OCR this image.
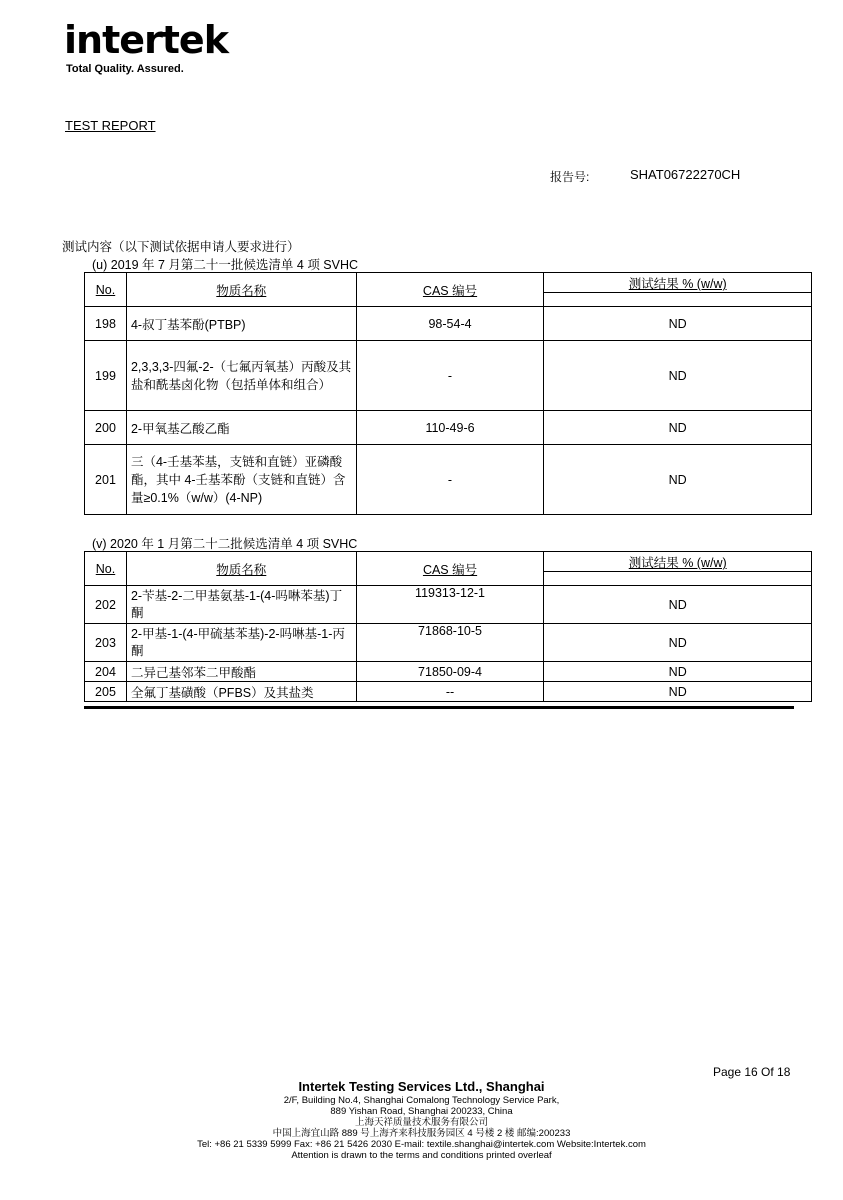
intertek
Total Quality. Assured.
TEST REPORT
报告号:	SHAT06722270CH
测试内容（以下测试依据申请人要求进行）
(u) 2019 年 7 月第二十一批候选清单 4 项 SVHC
No.	物质名称	CAS 编号	测试结果 % (w/w)

198	4-叔丁基苯酚(PTBP)	98-54-4	ND
199	2,3,3,3-四氟-2-（七氟丙氧基）丙酸及其盐和酰基卤化物（包括单体和组合）	-	ND
200	2-甲氧基乙酸乙酯	110-49-6	ND
201	三（4-壬基苯基，支链和直链）亚磷酸酯，其中 4-壬基苯酚（支链和直链）含量≥0.1%（w/w）(4-NP)	-	ND
(v) 2020 年 1 月第二十二批候选清单 4 项 SVHC
No.	物质名称	CAS 编号	测试结果 % (w/w)

202	2-苄基-2-二甲基氨基-1-(4-吗啉苯基)丁酮	119313-12-1	ND
203	2-甲基-1-(4-甲硫基苯基)-2-吗啉基-1-丙酮	71868-10-5	ND
204	二异己基邻苯二甲酸酯	71850-09-4	ND
205	全氟丁基磺酸（PFBS）及其盐类	--	ND
Page 16 Of 18
Intertek Testing Services Ltd., Shanghai
2/F, Building No.4, Shanghai Comalong Technology Service Park,
889 Yishan Road, Shanghai 200233, China
上海天祥质量技术服务有限公司
中国上海宜山路 889 号上海齐来科技服务园区 4 号楼 2 楼 邮编:200233
Tel: +86 21 5339 5999 Fax: +86 21 5426 2030 E-mail: textile.shanghai@intertek.com Website:Intertek.com
Attention is drawn to the terms and conditions printed overleaf
